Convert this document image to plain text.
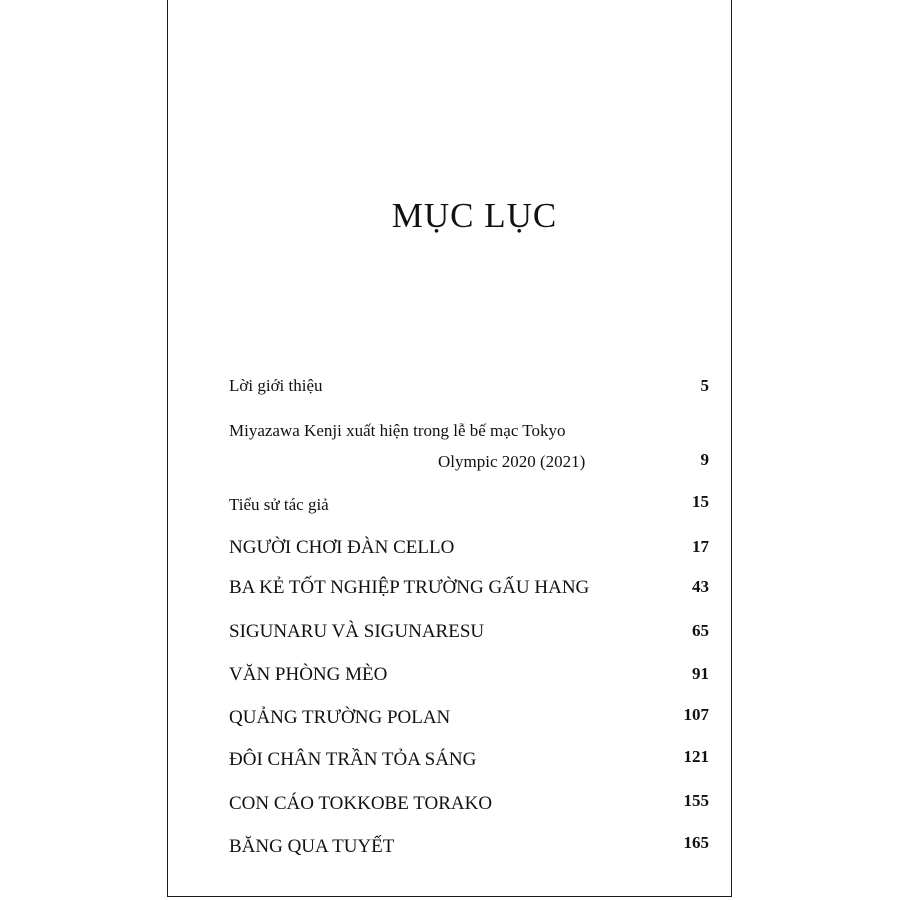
MỤC LỤC
Lời giới thiệu	5
Miyazawa Kenji xuất hiện trong lễ bế mạc Tokyo
Olympic 2020 (2021)	9
Tiểu sử tác giả	15
NGƯỜI CHƠI ĐÀN CELLO	17
BA KẺ TỐT NGHIỆP TRƯỜNG GẤU HANG	43
SIGUNARU VÀ SIGUNARESU	65
VĂN PHÒNG MÈO	91
QUẢNG TRƯỜNG POLAN	107
ĐÔI CHÂN TRẦN TỎA SÁNG	121
CON CÁO TOKKOBE TORAKO	155
BĂNG QUA TUYẾT	165
